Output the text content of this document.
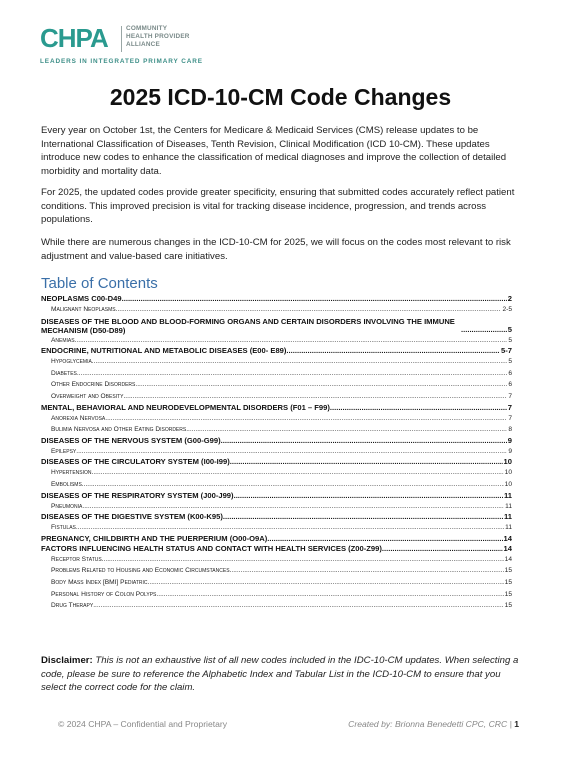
CHPA	COMMUNITY
HEALTH PROVIDER
ALLIANCE
LEADERS IN INTEGRATED PRIMARY CARE
2025 ICD-10-CM Code Changes

Every year on October 1st, the Centers for Medicare & Medicaid Services (CMS) release updates to be International Classification of Diseases, Tenth Revision, Clinical Modification (ICD 10-CM). These updates introduce new codes to enhance the classification of medical diagnoses and improve the collection of detailed morbidity and mortality data.

For 2025, the updated codes provide greater specificity, ensuring that submitted codes accurately reflect patient conditions. This improved precision is vital for tracking disease incidence, progression, and trends across populations.

While there are numerous changes in the ICD-10-CM for 2025, we will focus on the codes most relevant to risk adjustment and value-based care initiatives.

Table of Contents
NEOPLASMS C00-D49 .....	2
Malignant Neoplasms .....	2-5
DISEASES OF THE BLOOD AND BLOOD-FORMING ORGANS AND CERTAIN DISORDERS INVOLVING THE IMMUNE MECHANISM (D50-D89) .....	5
Anemias .....	5
ENDOCRINE, NUTRITIONAL AND METABOLIC DISEASES (E00- E89) .....	5-7
Hypoglycemia .....	5
Diabetes .....	6
Other Endocrine Disorders .....	6
Overweight and Obesity .....	7
MENTAL, BEHAVIORAL AND NEURODEVELOPMENTAL DISORDERS (F01 – F99) .....	7
Anorexia Nervosa .....	7
Bulimia Nervosa and Other Eating Disorders .....	8
DISEASES OF THE NERVOUS SYSTEM (G00-G99) .....	9
Epilepsy .....	9
DISEASES OF THE CIRCULATORY SYSTEM (I00-I99) .....	10
Hypertension .....	10
Embolisms .....	10
DISEASES OF THE RESPIRATORY SYSTEM (J00-J99) .....	11
Pneumonia .....	11
DISEASES OF THE DIGESTIVE SYSTEM (K00-K95) .....	11
Fistulas .....	11
PREGNANCY, CHILDBIRTH AND THE PUERPERIUM (O00-O9A) .....	14
FACTORS INFLUENCING HEALTH STATUS AND CONTACT WITH HEALTH SERVICES (Z00-Z99) .....	14
Receptor Status .....	14
Problems Related to Housing and Economic Circumstances .....	15
Body Mass Index [BMI] Pediatric .....	15
Personal History of Colon Polyps .....	15
Drug Therapy .....	15
Disclaimer: This is not an exhaustive list of all new codes included in the IDC-10-CM updates. When selecting a code, please be sure to reference the Alphabetic Index and Tabular List in the ICD-10-CM to ensure that you select the correct code for the claim.
© 2024 CHPA – Confidential and Proprietary	Created by: Brionna Benedetti CPC, CRC | 1
